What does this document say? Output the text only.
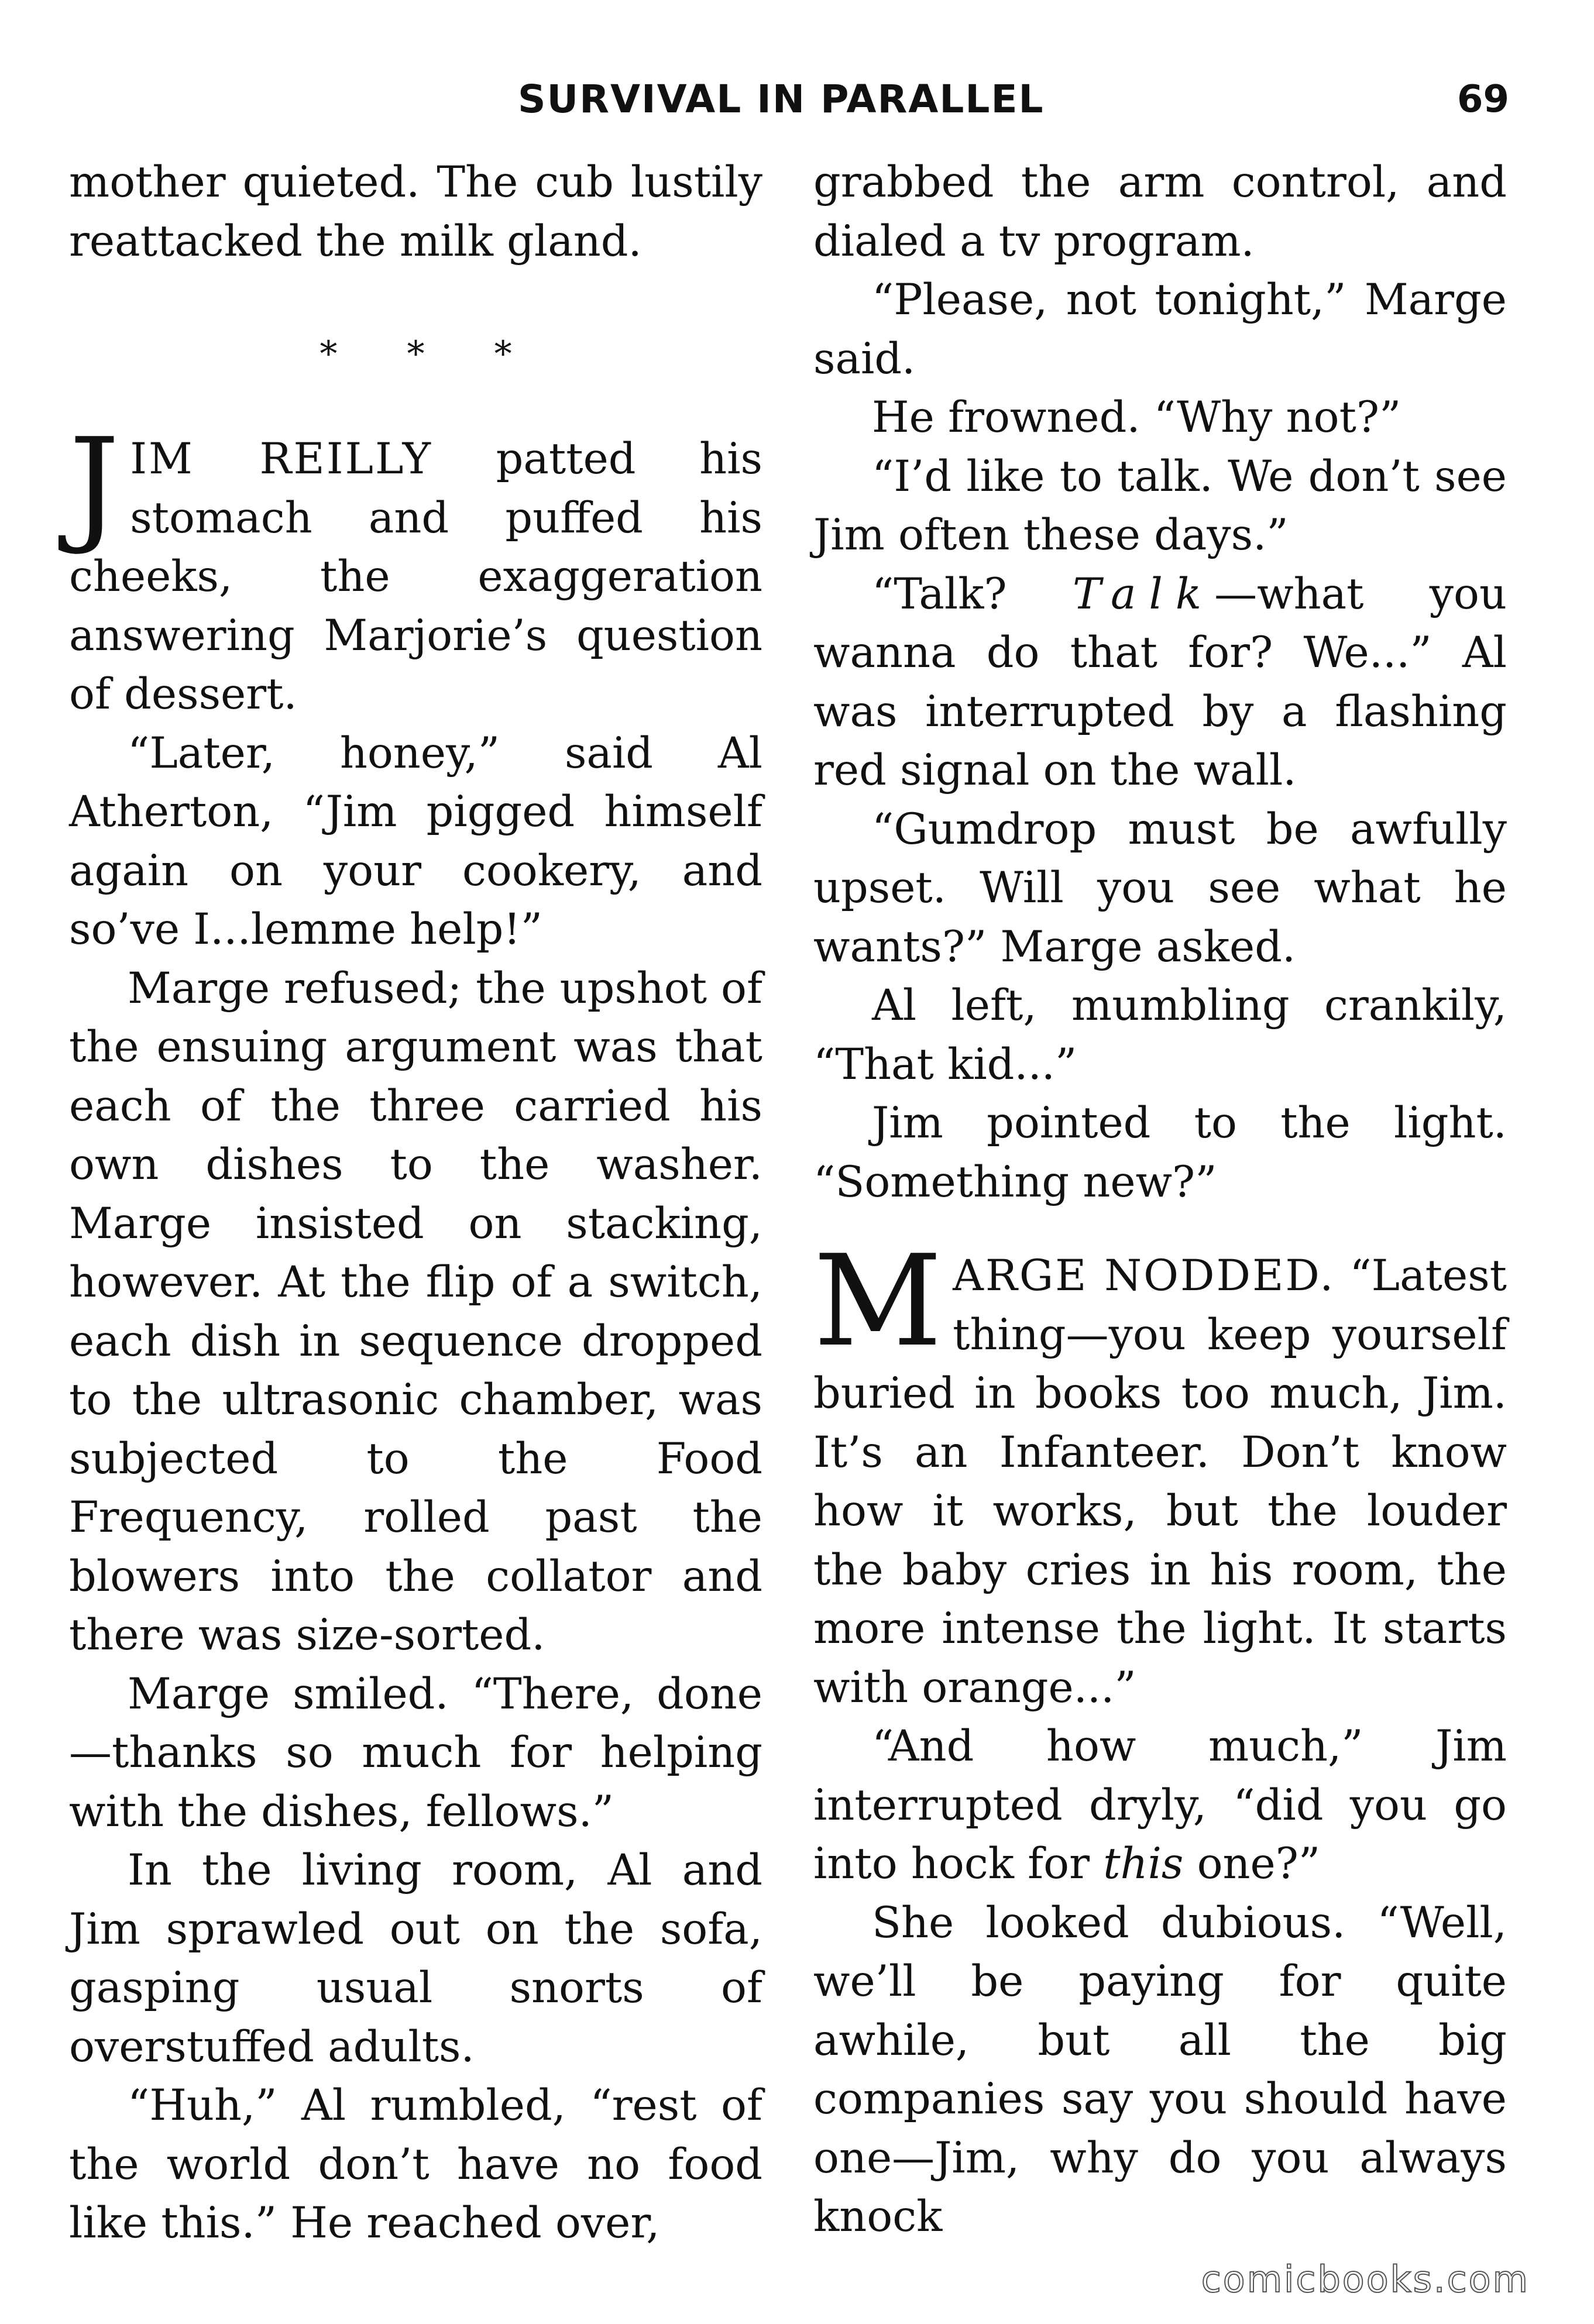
SURVIVAL IN PARALLEL	69

mother quieted. The cub lustily reattacked the milk gland.

* * *

JIM REILLY patted his stomach and puffed his cheeks, the exaggeration answering Marjorie’s question of dessert.

“Later, honey,” said Al Atherton, “Jim pigged himself again on your cookery, and so’ve I...lemme help!”

Marge refused; the upshot of the ensuing argument was that each of the three carried his own dishes to the washer. Marge insisted on stacking, however. At the flip of a switch, each dish in sequence dropped to the ultrasonic chamber, was subjected to the Food Frequency, rolled past the blowers into the collator and there was size-sorted.

Marge smiled. “There, done—thanks so much for helping with the dishes, fellows.”

In the living room, Al and Jim sprawled out on the sofa, gasping usual snorts of overstuffed adults.

“Huh,” Al rumbled, “rest of the world don’t have no food like this.” He reached over,

grabbed the arm control, and dialed a tv program.

“Please, not tonight,” Marge said.

He frowned. “Why not?”

“I’d like to talk. We don’t see Jim often these days.”

“Talk? Talk—what you wanna do that for? We...” Al was interrupted by a flashing red signal on the wall.

“Gumdrop must be awfully upset. Will you see what he wants?” Marge asked.

Al left, mumbling crankily, “That kid...”

Jim pointed to the light. “Something new?”

MARGE NODDED. “Latest thing—you keep yourself buried in books too much, Jim. It’s an Infanteer. Don’t know how it works, but the louder the baby cries in his room, the more intense the light. It starts with orange...”

“And how much,” Jim interrupted dryly, “did you go into hock for this one?”

She looked dubious. “Well, we’ll be paying for quite awhile, but all the big companies say you should have one—Jim, why do you always knock

comicbooks.com
